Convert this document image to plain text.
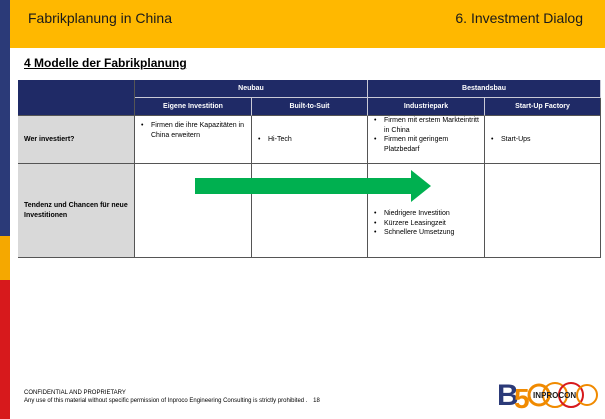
Fabrikplanung in China	6. Investment Dialog
4 Modelle der Fabrikplanung
Neubau	Bestandsbau
Eigene Investition	Built-to-Suit	Industriepark	Start-Up Factory
Wer investiert?
• Firmen die ihre Kapazitäten in China erweitern
• Hi-Tech
• Firmen mit erstem Markteintritt in China
• Firmen mit geringem Platzbedarf
• Start-Ups
Tendenz und Chancen für neue Investitionen
•	Niedrigere Investition
• Kürzere Leasingzeit
• Schnellere Umsetzung
CONFIDENTIAL AND PROPRIETARY
Any use of this material without specific permission of Inproco Engineering Consulting is strictly prohibited . 18	B
5 INPROCON
